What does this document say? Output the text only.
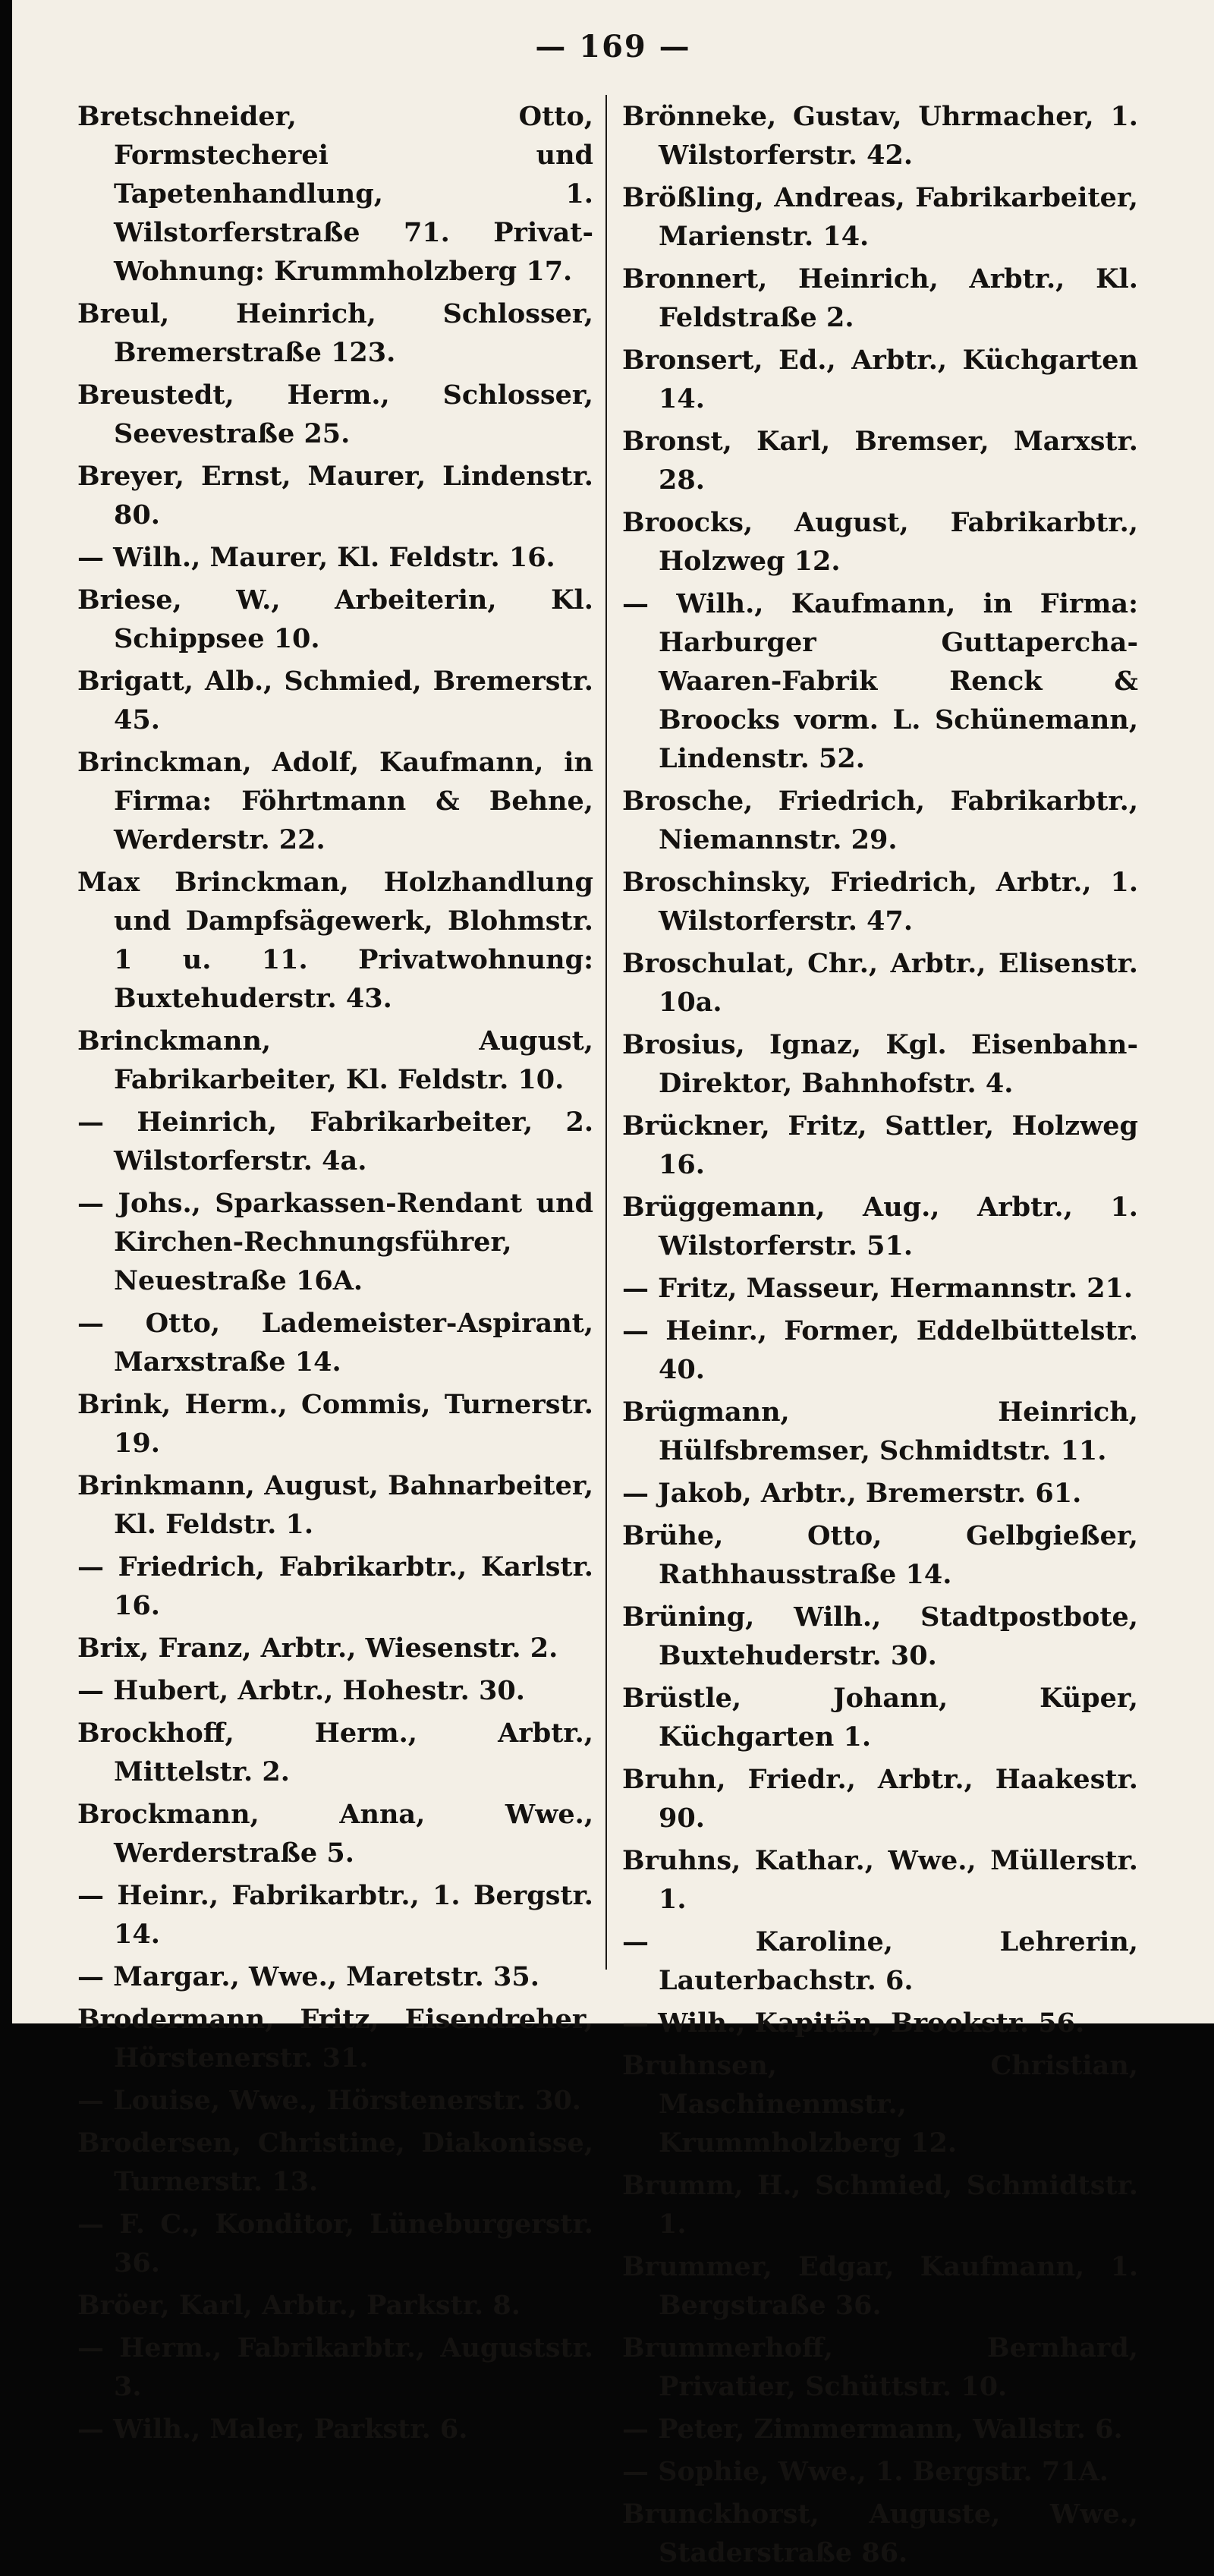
— 169 —

Bretschneider, Otto, Formstecherei und Tapetenhandlung, 1. Wilstorferstraße 71. Privat-Wohnung: Krummholzberg 17.

Breul, Heinrich, Schlosser, Bremerstraße 123.

Breustedt, Herm., Schlosser, Seevestraße 25.

Breyer, Ernst, Maurer, Lindenstr. 80.

— Wilh., Maurer, Kl. Feldstr. 16.

Briese, W., Arbeiterin, Kl. Schippsee 10.

Brigatt, Alb., Schmied, Bremerstr. 45.

Brinckman, Adolf, Kaufmann, in Firma: Föhrtmann & Behne, Werderstr. 22.

Max Brinckman, Holzhandlung und Dampfsägewerk, Blohmstr. 1 u. 11. Privatwohnung: Buxtehuderstr. 43.

Brinckmann, August, Fabrikarbeiter, Kl. Feldstr. 10.

— Heinrich, Fabrikarbeiter, 2. Wilstorferstr. 4a.

— Johs., Sparkassen-Rendant und Kirchen-Rechnungsführer, Neuestraße 16A.

— Otto, Lademeister-Aspirant, Marxstraße 14.

Brink, Herm., Commis, Turnerstr. 19.

Brinkmann, August, Bahnarbeiter, Kl. Feldstr. 1.

— Friedrich, Fabrikarbtr., Karlstr. 16.

Brix, Franz, Arbtr., Wiesenstr. 2.

— Hubert, Arbtr., Hohestr. 30.

Brockhoff, Herm., Arbtr., Mittelstr. 2.

Brockmann, Anna, Wwe., Werderstraße 5.

— Heinr., Fabrikarbtr., 1. Bergstr. 14.

— Margar., Wwe., Maretstr. 35.

Brodermann, Fritz, Eisendreher, Hörstenerstr. 31.

— Louise, Wwe., Hörstenerstr. 30.

Brodersen, Christine, Diakonisse, Turnerstr. 13.

— F. C., Konditor, Lüneburgerstr. 36.

Bröer, Karl, Arbtr., Parkstr. 8.

— Herm., Fabrikarbtr., Auguststr. 3.

— Wilh., Maler, Parkstr. 6.

Brönneke, Gustav, Uhrmacher, 1. Wilstorferstr. 42.

Brößling, Andreas, Fabrikarbeiter, Marienstr. 14.

Bronnert, Heinrich, Arbtr., Kl. Feldstraße 2.

Bronsert, Ed., Arbtr., Küchgarten 14.

Bronst, Karl, Bremser, Marxstr. 28.

Broocks, August, Fabrikarbtr., Holzweg 12.

— Wilh., Kaufmann, in Firma: Harburger Guttapercha-Waaren-Fabrik Renck & Broocks vorm. L. Schünemann, Lindenstr. 52.

Brosche, Friedrich, Fabrikarbtr., Niemannstr. 29.

Broschinsky, Friedrich, Arbtr., 1. Wilstorferstr. 47.

Broschulat, Chr., Arbtr., Elisenstr. 10a.

Brosius, Ignaz, Kgl. Eisenbahn-Direktor, Bahnhofstr. 4.

Brückner, Fritz, Sattler, Holzweg 16.

Brüggemann, Aug., Arbtr., 1. Wilstorferstr. 51.

— Fritz, Masseur, Hermannstr. 21.

— Heinr., Former, Eddelbüttelstr. 40.

Brügmann, Heinrich, Hülfsbremser, Schmidtstr. 11.

— Jakob, Arbtr., Bremerstr. 61.

Brühe, Otto, Gelbgießer, Rathhausstraße 14.

Brüning, Wilh., Stadtpostbote, Buxtehuderstr. 30.

Brüstle, Johann, Küper, Küchgarten 1.

Bruhn, Friedr., Arbtr., Haakestr. 90.

Bruhns, Kathar., Wwe., Müllerstr. 1.

— Karoline, Lehrerin, Lauterbachstr. 6.

— Wilh., Kapitän, Brookstr. 56.

Bruhnsen, Christian, Maschinenmstr., Krummholzberg 12.

Brumm, H., Schmied, Schmidtstr. 1.

Brummer, Edgar, Kaufmann, 1. Bergstraße 36.

Brummerhoff, Bernhard, Privatier, Schüttstr. 10.

— Peter, Zimmermann, Wallstr. 6.

— Sophie, Wwe., 1. Bergstr. 71A.

Brunckhorst, Auguste, Wwe., Staderstraße 86.
